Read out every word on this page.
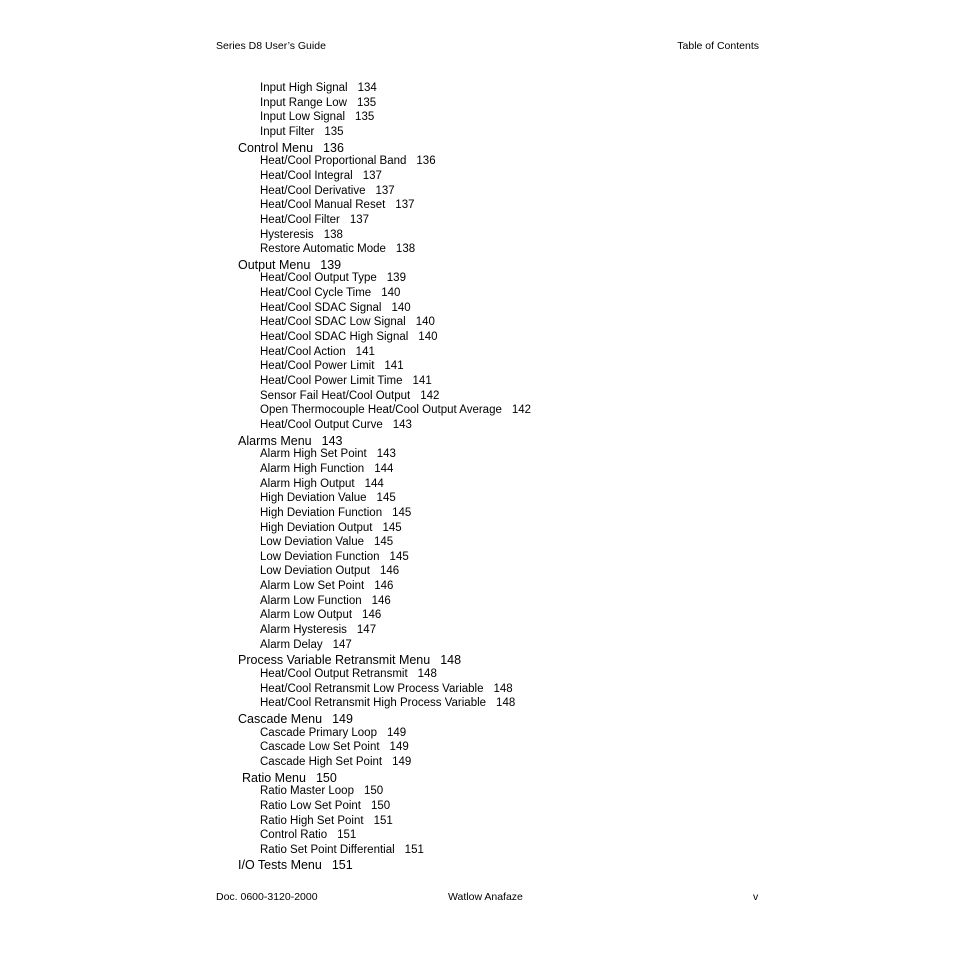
Series D8 User’s Guide	Table of Contents
Input High Signal 134
Input Range Low 135
Input Low Signal 135
Input Filter 135
Control Menu 136
Heat/Cool Proportional Band 136
Heat/Cool Integral 137
Heat/Cool Derivative 137
Heat/Cool Manual Reset 137
Heat/Cool Filter 137
Hysteresis 138
Restore Automatic Mode 138
Output Menu 139
Heat/Cool Output Type 139
Heat/Cool Cycle Time 140
Heat/Cool SDAC Signal 140
Heat/Cool SDAC Low Signal 140
Heat/Cool SDAC High Signal 140
Heat/Cool Action 141
Heat/Cool Power Limit 141
Heat/Cool Power Limit Time 141
Sensor Fail Heat/Cool Output 142
Open Thermocouple Heat/Cool Output Average 142
Heat/Cool Output Curve 143
Alarms Menu 143
Alarm High Set Point 143
Alarm High Function 144
Alarm High Output 144
High Deviation Value 145
High Deviation Function 145
High Deviation Output 145
Low Deviation Value 145
Low Deviation Function 145
Low Deviation Output 146
Alarm Low Set Point 146
Alarm Low Function 146
Alarm Low Output 146
Alarm Hysteresis 147
Alarm Delay 147
Process Variable Retransmit Menu 148
Heat/Cool Output Retransmit 148
Heat/Cool Retransmit Low Process Variable 148
Heat/Cool Retransmit High Process Variable 148
Cascade Menu 149
Cascade Primary Loop 149
Cascade Low Set Point 149
Cascade High Set Point 149
Ratio Menu 150
Ratio Master Loop 150
Ratio Low Set Point 150
Ratio High Set Point 151
Control Ratio 151
Ratio Set Point Differential 151
I/O Tests Menu 151
Doc. 0600-3120-2000	Watlow Anafaze	v
